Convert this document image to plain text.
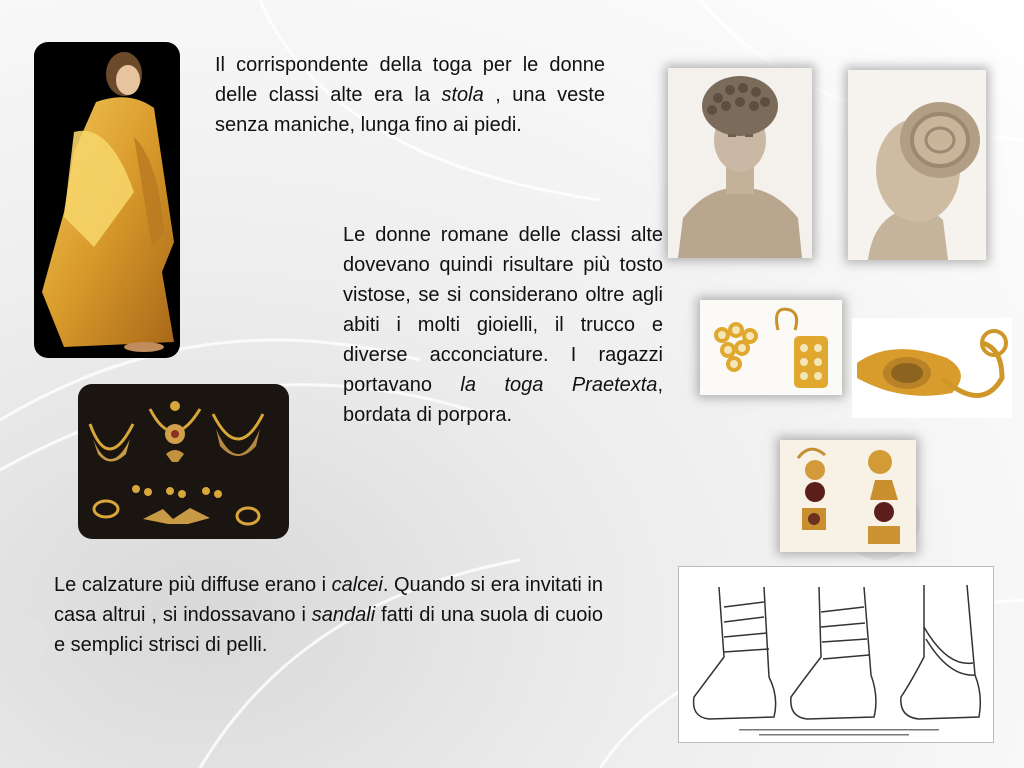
Il corrispondente della toga per le donne delle classi alte era la stola , una veste senza maniche, lunga fino ai piedi.

Le donne romane delle classi alte dovevano quindi risultare più tosto vistose, se si considerano oltre agli abiti i molti gioielli, il trucco e diverse acconciature. I ragazzi portavano la toga Praetexta, bordata di porpora.

Le calzature più diffuse erano i calcei. Quando si era invitati in casa altrui , si indossavano i sandali fatti di una suola di cuoio e semplici strisci di pelli.
